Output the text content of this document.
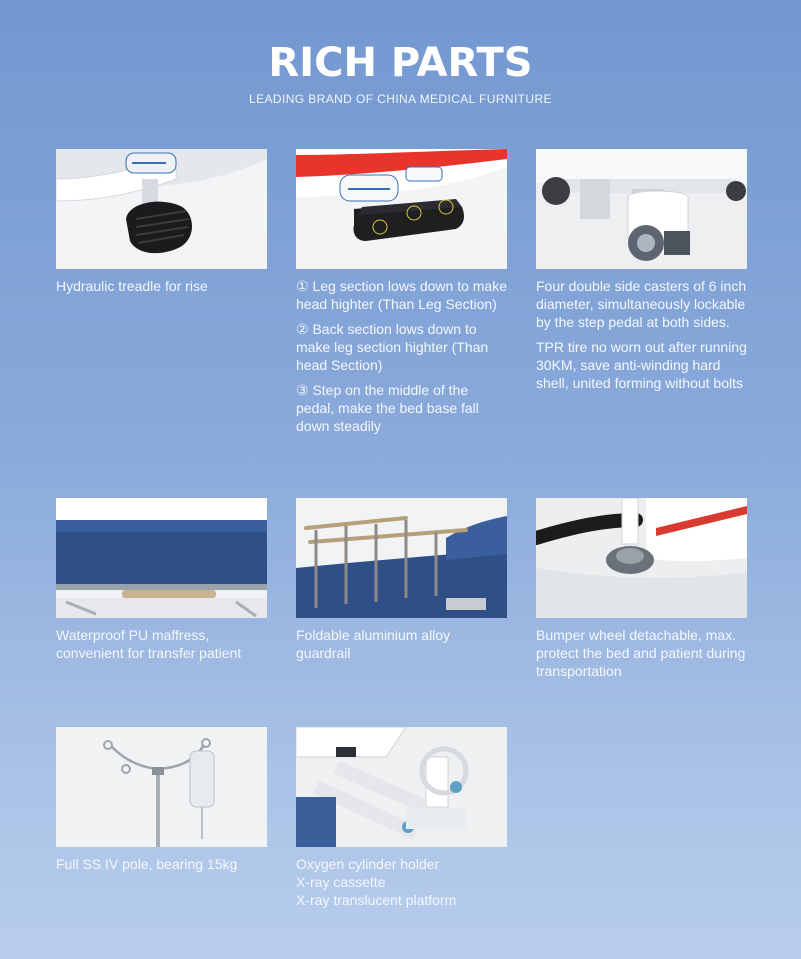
RICH PARTS
LEADING BRAND OF CHINA MEDICAL FURNITURE

Hydraulic treadle for rise	① Leg section lows down to make head highter (Than Leg Section)

② Back section lows down to make leg section highter (Than head Section)

③ Step on the middle of the pedal, make the bed base fall down steadily

Four double side casters of 6 inch diameter, simultaneously lockable by the step pedal at both sides.

TPR tire no worn out after running 30KM, save anti-winding hard shell, united forming without bolts

Waterproof PU maffress, convenient for transfer patient

Foldable aluminium alloy guardrail

Bumper wheel detachable, max. protect the bed and patient during transportation

Full SS IV pole, bearing 15kg	Oxygen cylinder holder

X-ray cassette

X-ray translucent platform
